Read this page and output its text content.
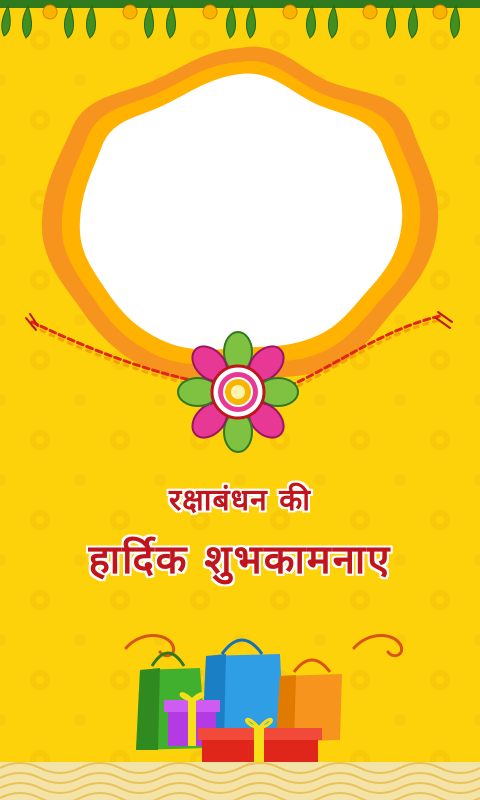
रक्षाबंधन की
हार्दिक शुभकामनाए
